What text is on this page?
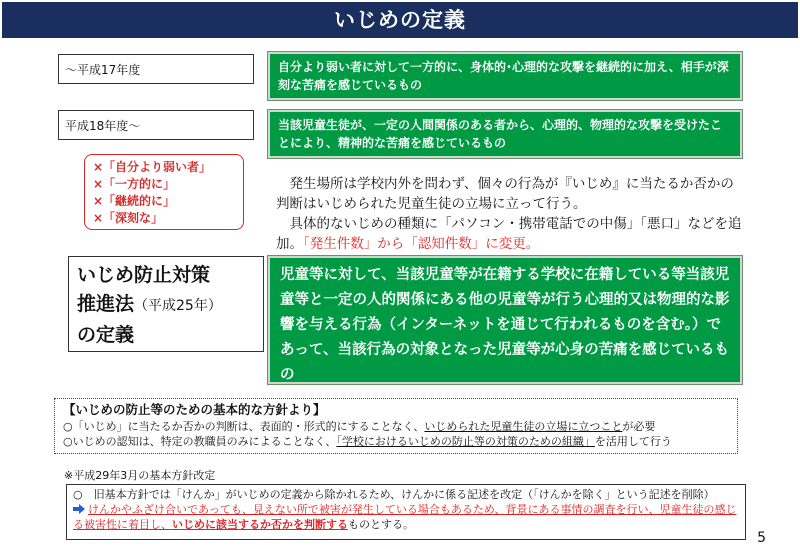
いじめの定義
～平成17年度	自分より弱い者に対して一方的に、身体的･心理的な攻撃を継続的に加え、相手が深刻な苦痛を感じているもの
平成18年度～	当該児童生徒が、一定の人間関係のある者から、心理的、物理的な攻撃を受けたことにより、精神的な苦痛を感じているもの
×「自分より弱い者」
×「一方的に」
×「継続的に」
×「深刻な」
　発生場所は学校内外を問わず、個々の行為が『いじめ』に当たるか否かの判断はいじめられた児童生徒の立場に立って行う。
　具体的ないじめの種類に「パソコン・携帯電話での中傷」「悪口」などを追加。「発生件数」から「認知件数」に変更。
いじめ防止対策
推進法（平成25年）
の定義
児童等に対して、当該児童等が在籍する学校に在籍している等当該児童等と一定の人的関係にある他の児童等が行う心理的又は物理的な影響を与える行為（インターネットを通じて行われるものを含む。）であって、当該行為の対象となった児童等が心身の苦痛を感じているもの
【いじめの防止等のための基本的な方針より】
○「いじめ」に当たるか否かの判断は、表面的・形式的にすることなく、いじめられた児童生徒の立場に立つことが必要
○いじめの認知は、特定の教職員のみによることなく、「学校におけるいじめの防止等の対策のための組織」を活用して行う
※平成29年3月の基本方針改定
○　旧基本方針では「けんか」がいじめの定義から除かれるため、けんかに係る記述を改定（「けんかを除く」という記述を削除）
けんかやふざけ合いであっても、見えない所で被害が発生している場合もあるため、背景にある事情の調査を行い、児童生徒の感じる被害性に着目し、いじめに該当するか否かを判断するものとする。
5
